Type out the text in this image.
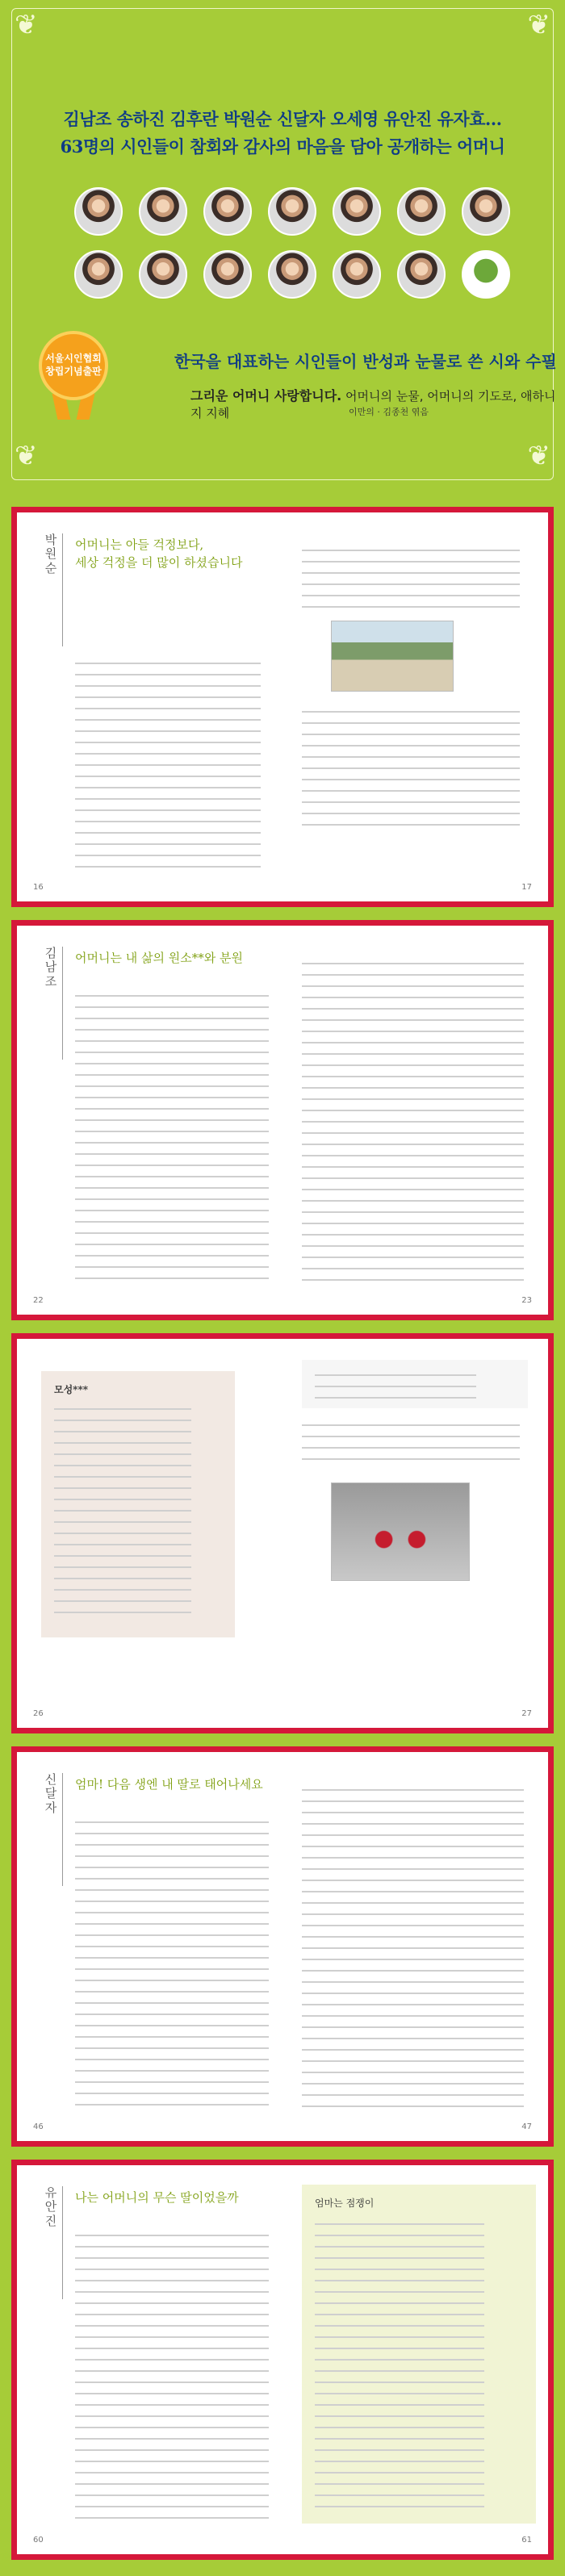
❦	❦
❦	❦
김남조 송하진 김후란 박원순 신달자 오세영 유안진 유자효…
63명의 시인들이 참회와 감사의 마음을 담아 공개하는 어머니
서울시인협회 창립기념출판	한국을 대표하는 시인들이 반성과 눈물로 쓴 시와 수필
그리운 어머니 사랑합니다. 어머니의 눈물, 어머니의 기도로, 애하니지 지혜	이만의 · 김종천 엮음
박원순
어머니는 아들 걱정보다,
세상 걱정을 더 많이 하셨습니다
16	17
김남조
어머니는 내 삶의 원소**와 분원
22	23
모성***
26	27
신달자
엄마! 다음 생엔 내 딸로 태어나세요
46	47
유안진
나는 어머니의 무슨 딸이었을까
60
엄마는 점쟁이
61
